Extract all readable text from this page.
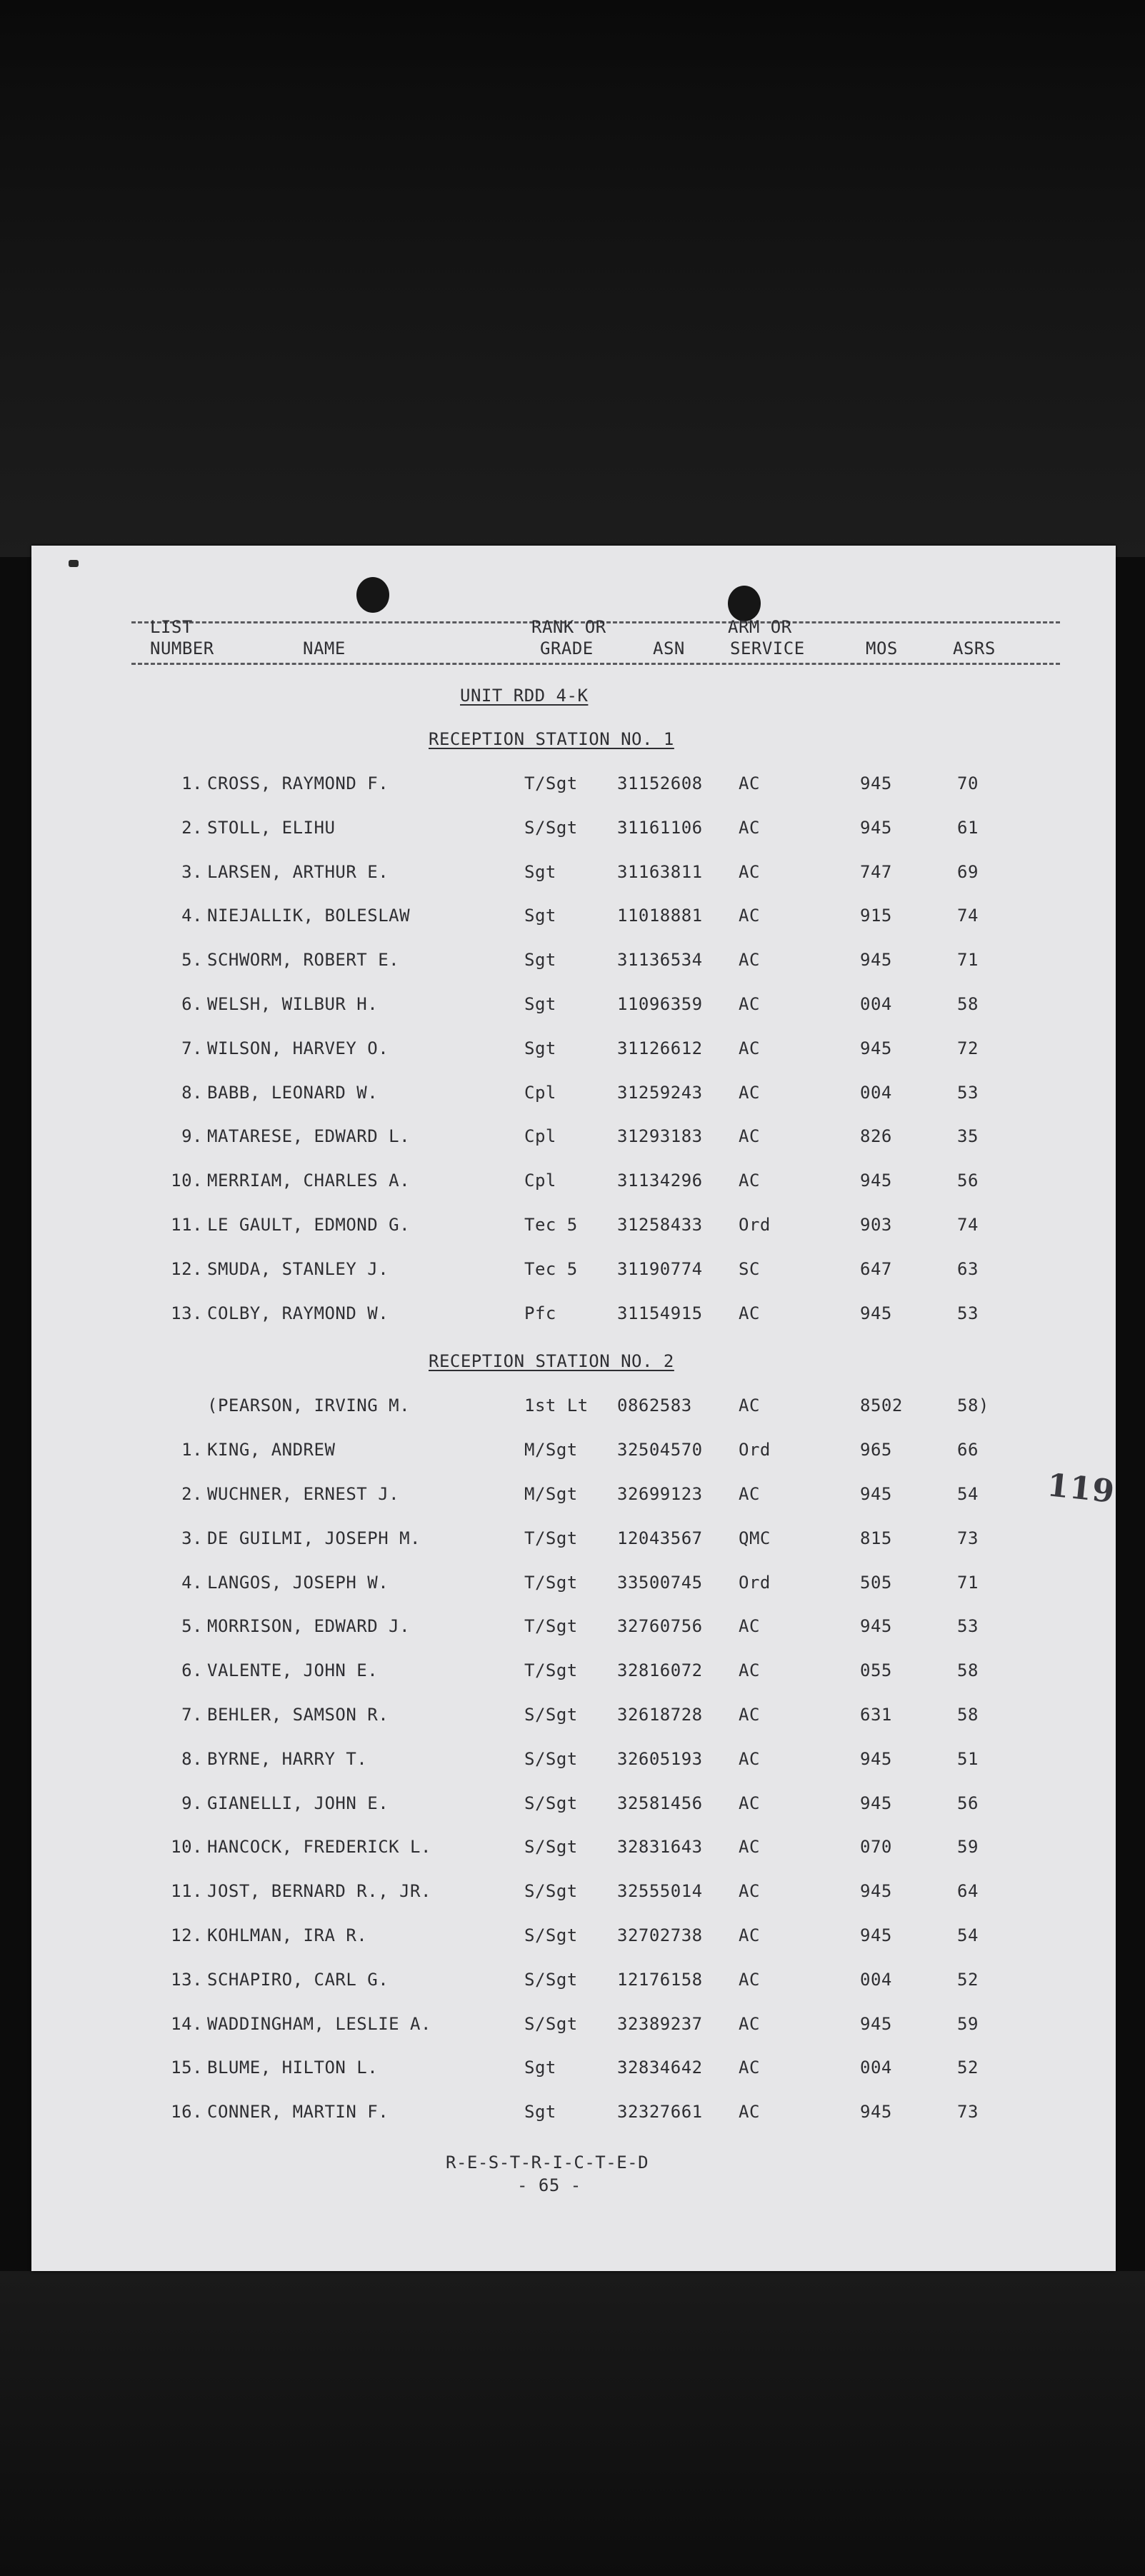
LIST
NUMBER	NAME
RANK OR
GRADE	ASN
ARM OR
SERVICE	MOS	ASRS
UNIT RDD 4-K
RECEPTION STATION NO. 1
1. CROSS, RAYMOND F.	T/Sgt 31152608 AC	945	70
2. STOLL, ELIHU	S/Sgt 31161106 AC	945	61
3. LARSEN, ARTHUR E.	Sgt	31163811 AC	747	69
4. NIEJALLIK, BOLESLAW	Sgt	11018881 AC	915	74
5. SCHWORM, ROBERT E.	Sgt	31136534 AC	945	71
6. WELSH, WILBUR H.	Sgt	11096359 AC	004	58
7. WILSON, HARVEY O.	Sgt	31126612 AC	945	72
8. BABB, LEONARD W.	Cpl	31259243 AC	004	53
9. MATARESE, EDWARD L.	Cpl	31293183 AC	826	35
10. MERRIAM, CHARLES A.	Cpl	31134296 AC	945	56
11. LE GAULT, EDMOND G.	Tec 5 31258433 Ord	903	74
12. SMUDA, STANLEY J.	Tec 5 31190774 SC	647	63
13. COLBY, RAYMOND W.	Pfc	31154915 AC	945	53
RECEPTION STATION NO. 2
(PEARSON, IRVING M.	1st Lt 0862583	AC	8502	58)
1. KING, ANDREW	M/Sgt 32504570 Ord	965	66
2. WUCHNER, ERNEST J.	M/Sgt 32699123 AC	945	54
3. DE GUILMI, JOSEPH M.	T/Sgt 12043567 QMC	815	73
4. LANGOS, JOSEPH W.	T/Sgt 33500745 Ord	505	71
5. MORRISON, EDWARD J.	T/Sgt 32760756 AC	945	53
6. VALENTE, JOHN E.	T/Sgt 32816072 AC	055	58
7. BEHLER, SAMSON R.	S/Sgt 32618728 AC	631	58
8. BYRNE, HARRY T.	S/Sgt 32605193 AC	945	51
9. GIANELLI, JOHN E.	S/Sgt 32581456 AC	945	56
10. HANCOCK, FREDERICK L.	S/Sgt 32831643 AC	070	59
11. JOST, BERNARD R., JR.	S/Sgt 32555014 AC	945	64
12. KOHLMAN, IRA R.	S/Sgt 32702738 AC	945	54
13. SCHAPIRO, CARL G.	S/Sgt 12176158 AC	004	52
14. WADDINGHAM, LESLIE A.	S/Sgt 32389237 AC	945	59
15. BLUME, HILTON L.	Sgt	32834642 AC	004	52
16. CONNER, MARTIN F.	Sgt	32327661 AC	945	73
R-E-S-T-R-I-C-T-E-D
- 65 -
119
